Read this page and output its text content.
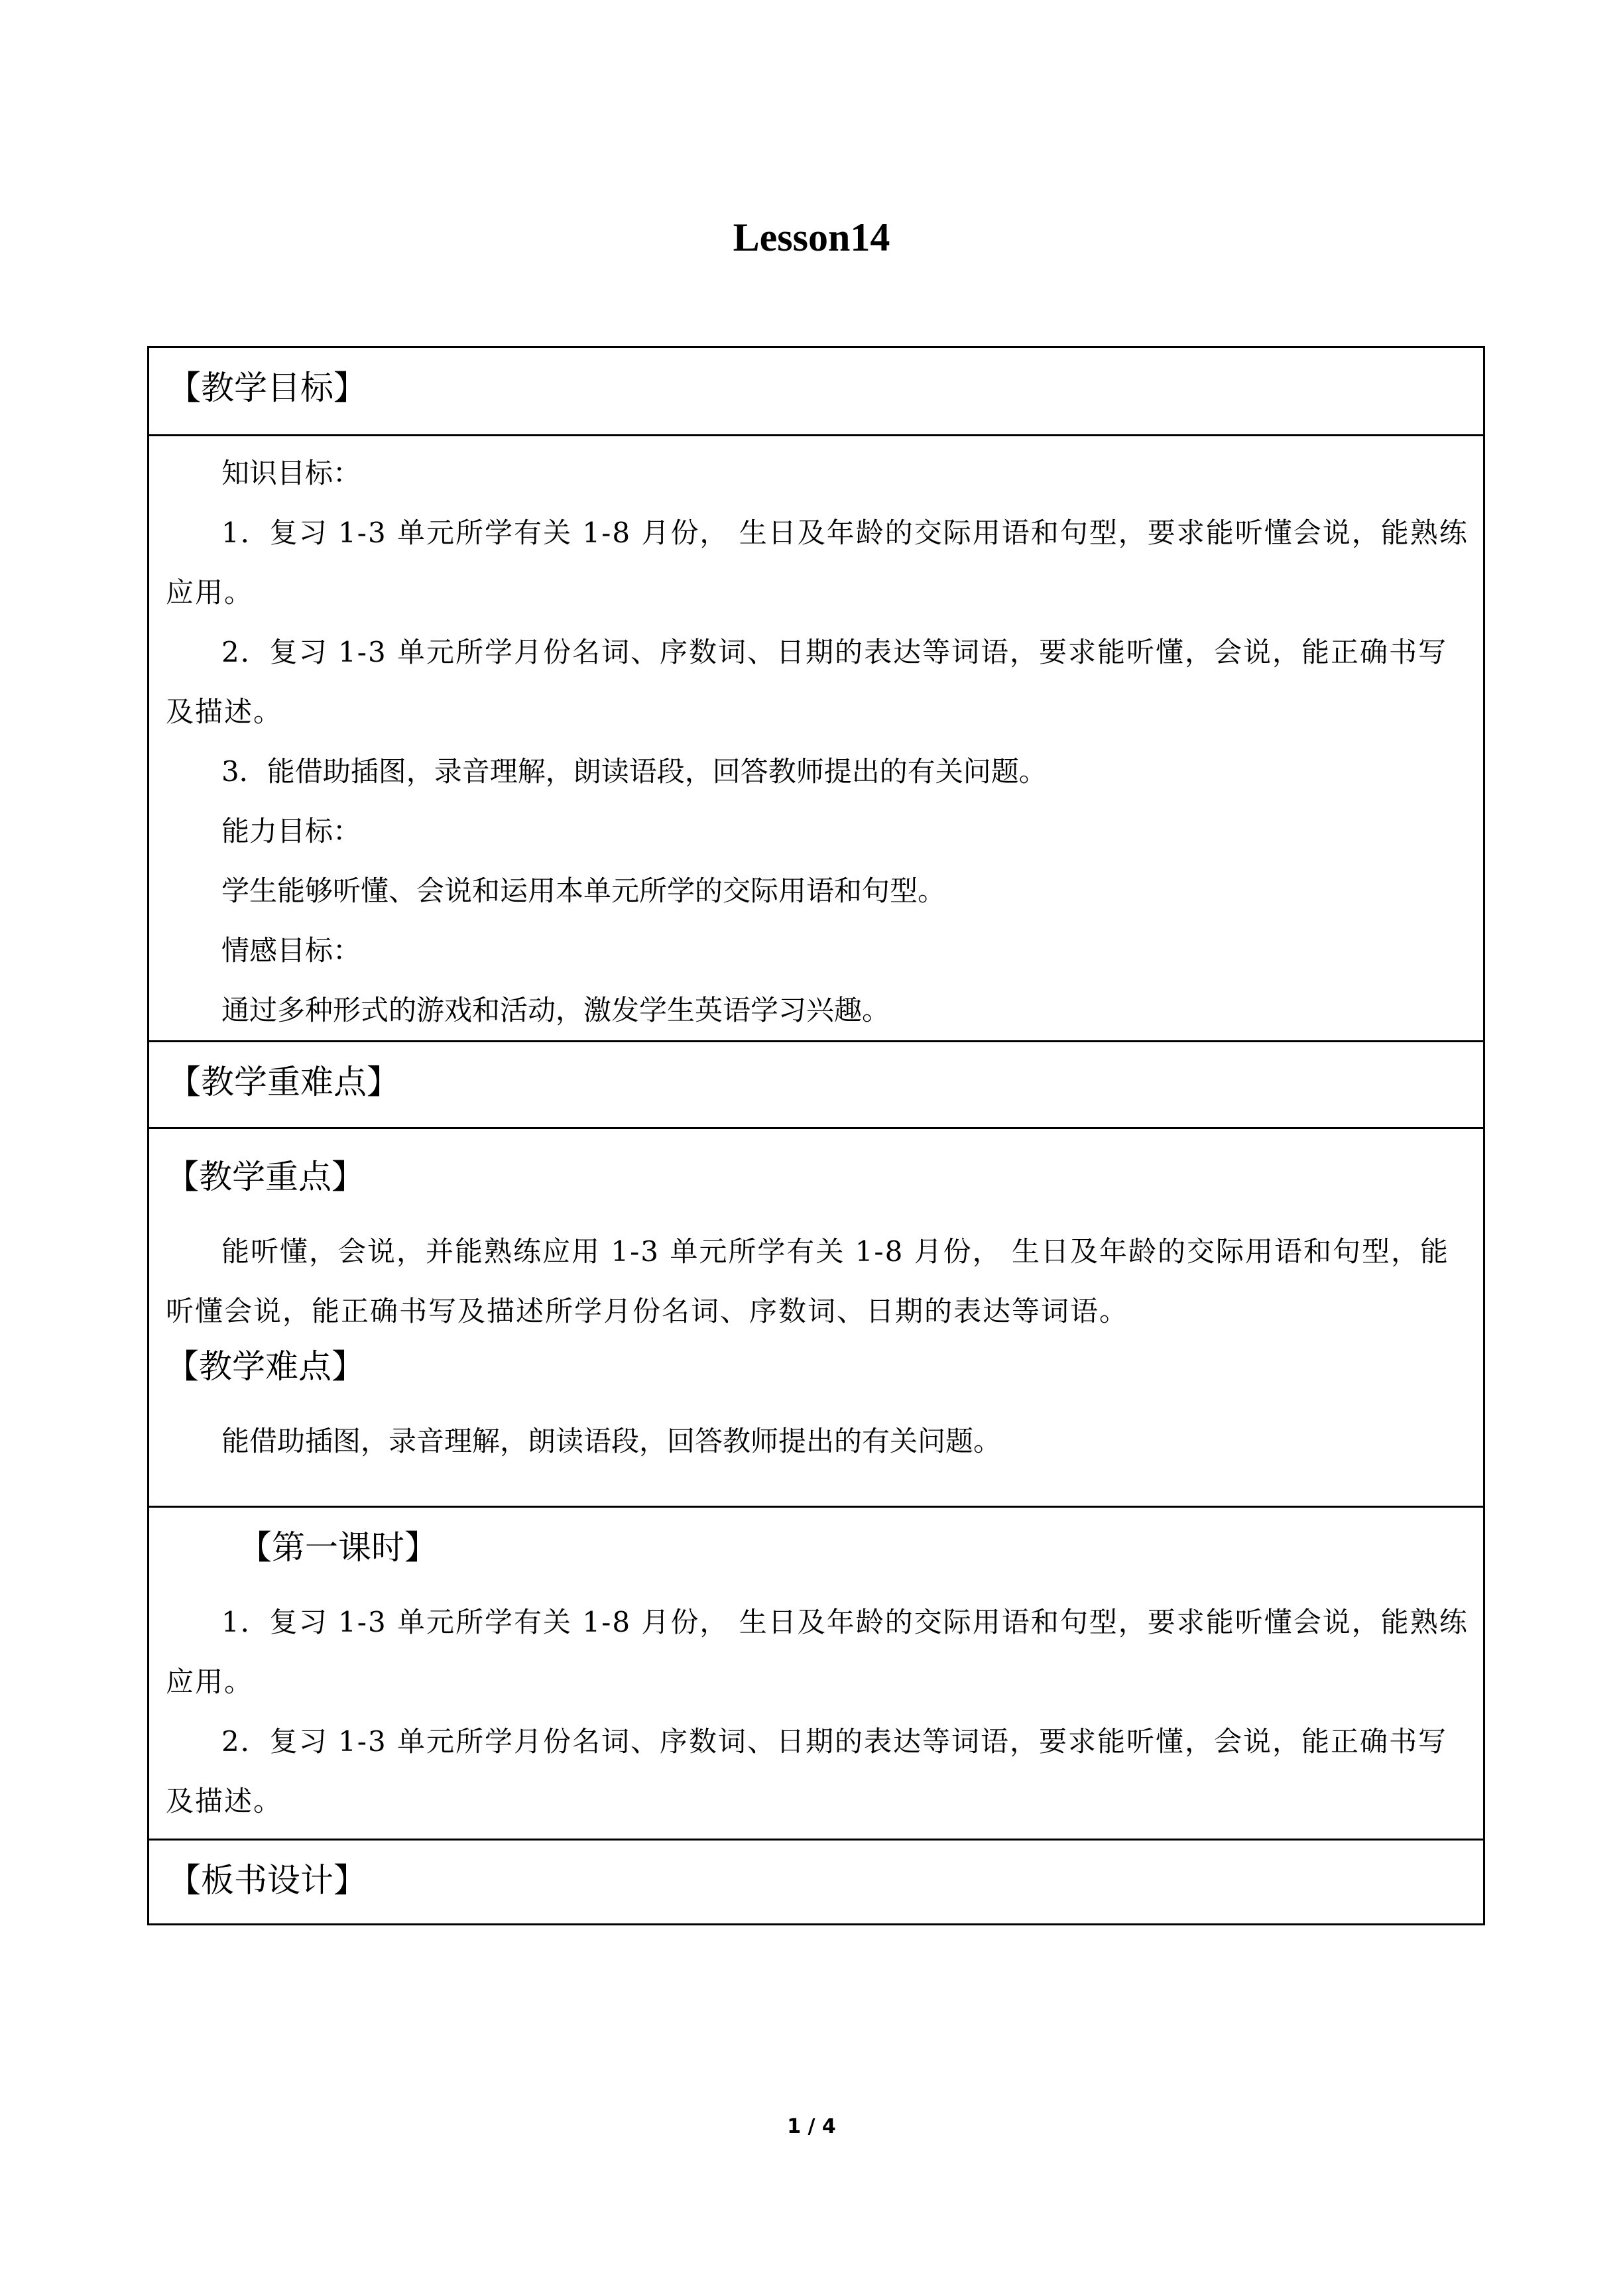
Lesson14
【教学目标】
【教学重难点】
【板书设计】

知识目标：

1．复习 1-3 单元所学有关 1-8 月份， 生日及年龄的交际用语和句型，要求能听懂会说，能熟练应用。

2．复习 1-3 单元所学月份名词、序数词、日期的表达等词语，要求能听懂，会说，能正确书写及描述。

3．能借助插图，录音理解，朗读语段，回答教师提出的有关问题。

能力目标：

学生能够听懂、会说和运用本单元所学的交际用语和句型。

情感目标：

通过多种形式的游戏和活动，激发学生英语学习兴趣。

【教学重点】

能听懂，会说，并能熟练应用 1-3 单元所学有关 1-8 月份， 生日及年龄的交际用语和句型，能听懂会说，能正确书写及描述所学月份名词、序数词、日期的表达等词语。

【教学难点】

能借助插图，录音理解，朗读语段，回答教师提出的有关问题。

【第一课时】

1．复习 1-3 单元所学有关 1-8 月份， 生日及年龄的交际用语和句型，要求能听懂会说，能熟练应用。

2．复习 1-3 单元所学月份名词、序数词、日期的表达等词语，要求能听懂，会说，能正确书写及描述。

1 / 4
